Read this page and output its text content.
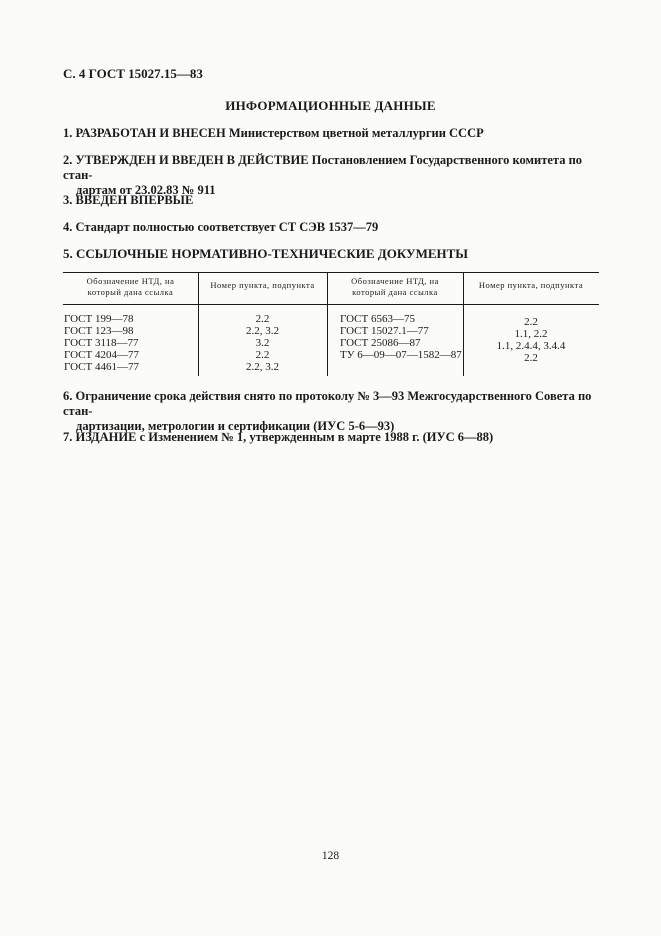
С. 4 ГОСТ 15027.15—83
ИНФОРМАЦИОННЫЕ ДАННЫЕ
1. РАЗРАБОТАН И ВНЕСЕН Министерством цветной металлургии СССР
2. УТВЕРЖДЕН И ВВЕДЕН В ДЕЙСТВИЕ Постановлением Государственного комитета по стан-
дартам от 23.02.83 № 911
3. ВВЕДЕН ВПЕРВЫЕ
4. Стандарт полностью соответствует СТ СЭВ 1537—79
5. ССЫЛОЧНЫЕ НОРМАТИВНО-ТЕХНИЧЕСКИЕ ДОКУМЕНТЫ
Обозначение НТД, на
который дана ссылка
Номер пункта, подпункта	Обозначение НТД, на
который дана ссылка
Номер пункта, подпункта
ГОСТ 199—78
ГОСТ 123—98
ГОСТ 3118—77
ГОСТ 4204—77
ГОСТ 4461—77
2.2
2.2, 3.2
3.2
2.2
2.2, 3.2
ГОСТ 6563—75
ГОСТ 15027.1—77
ГОСТ 25086—87
ТУ 6—09—07—1582—87
2.2
1.1, 2.2
1.1, 2.4.4, 3.4.4
2.2
6. Ограничение срока действия снято по протоколу № 3—93 Межгосударственного Совета по стан-
дартизации, метрологии и сертификации (ИУС 5-6—93)
7. ИЗДАНИЕ с Изменением № 1, утвержденным в марте 1988 г. (ИУС 6—88)
128
